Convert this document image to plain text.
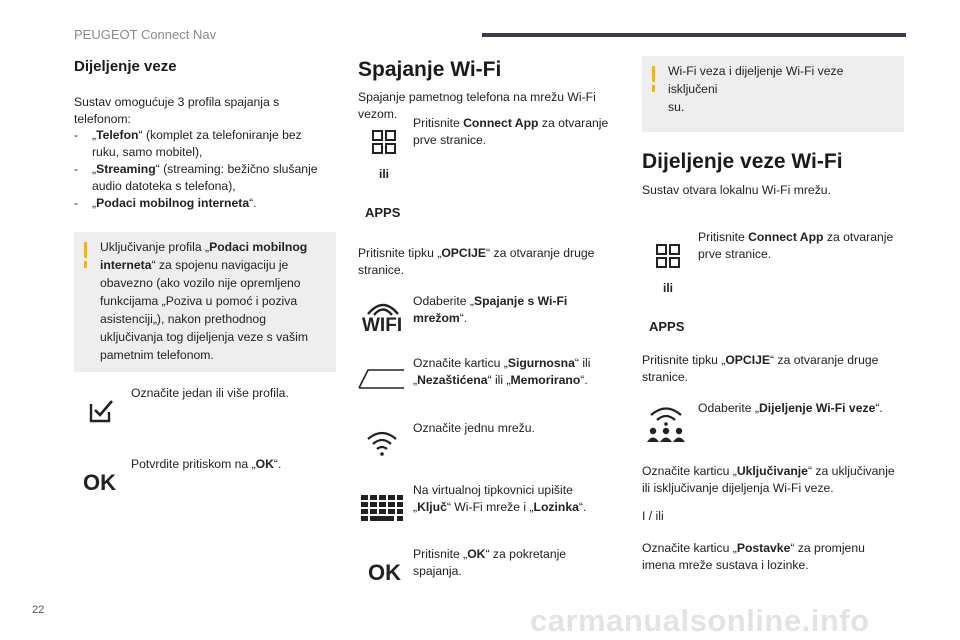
PEUGEOT Connect Nav
Dijeljenje veze
Sustav omogućuje 3 profila spajanja s
telefonom:
- „Telefon“ (komplet za telefoniranje bez
ruku, samo mobitel),
- „Streaming“ (streaming: bežično slušanje
audio datoteka s telefona),
- „Podaci mobilnog interneta“.
Uključivanje profila „Podaci mobilnog
interneta“ za spojenu navigaciju je
obavezno (ako vozilo nije opremljeno
funkcijama „Poziva u pomoć i poziva
asistenciji„), nakon prethodnog
uključivanja tog dijeljenja veze s vašim
pametnim telefonom.
Označite jedan ili više profila.
OK
Potvrdite pritiskom na „OK“.
Spajanje Wi-Fi
Spajanje pametnog telefona na mrežu Wi-Fi
vezom.
Pritisnite Connect App za otvaranje
prve stranice.
ili
APPS
Pritisnite tipku „OPCIJE“ za otvaranje druge
stranice.
WIFI
Odaberite „Spajanje s Wi-Fi
mrežom“.
Označite karticu „Sigurnosna“ ili
„Nezaštićena“ ili „Memorirano“.
Označite jednu mrežu.
Na virtualnoj tipkovnici upišite
„Ključ“ Wi-Fi mreže i „Lozinka“.
OK
Pritisnite „OK“ za pokretanje
spajanja.
Wi-Fi veza i dijeljenje Wi-Fi veze isključeni
su.
Dijeljenje veze Wi-Fi
Sustav otvara lokalnu Wi-Fi mrežu.
Pritisnite Connect App za otvaranje
prve stranice.
ili
APPS
Pritisnite tipku „OPCIJE“ za otvaranje druge
stranice.
Odaberite „Dijeljenje Wi-Fi veze“.
Označite karticu „Uključivanje“ za uključivanje
ili isključivanje dijeljenja Wi-Fi veze.
I / ili
Označite karticu „Postavke“ za promjenu
imena mreže sustava i lozinke.
22	carmanualsonline.info
